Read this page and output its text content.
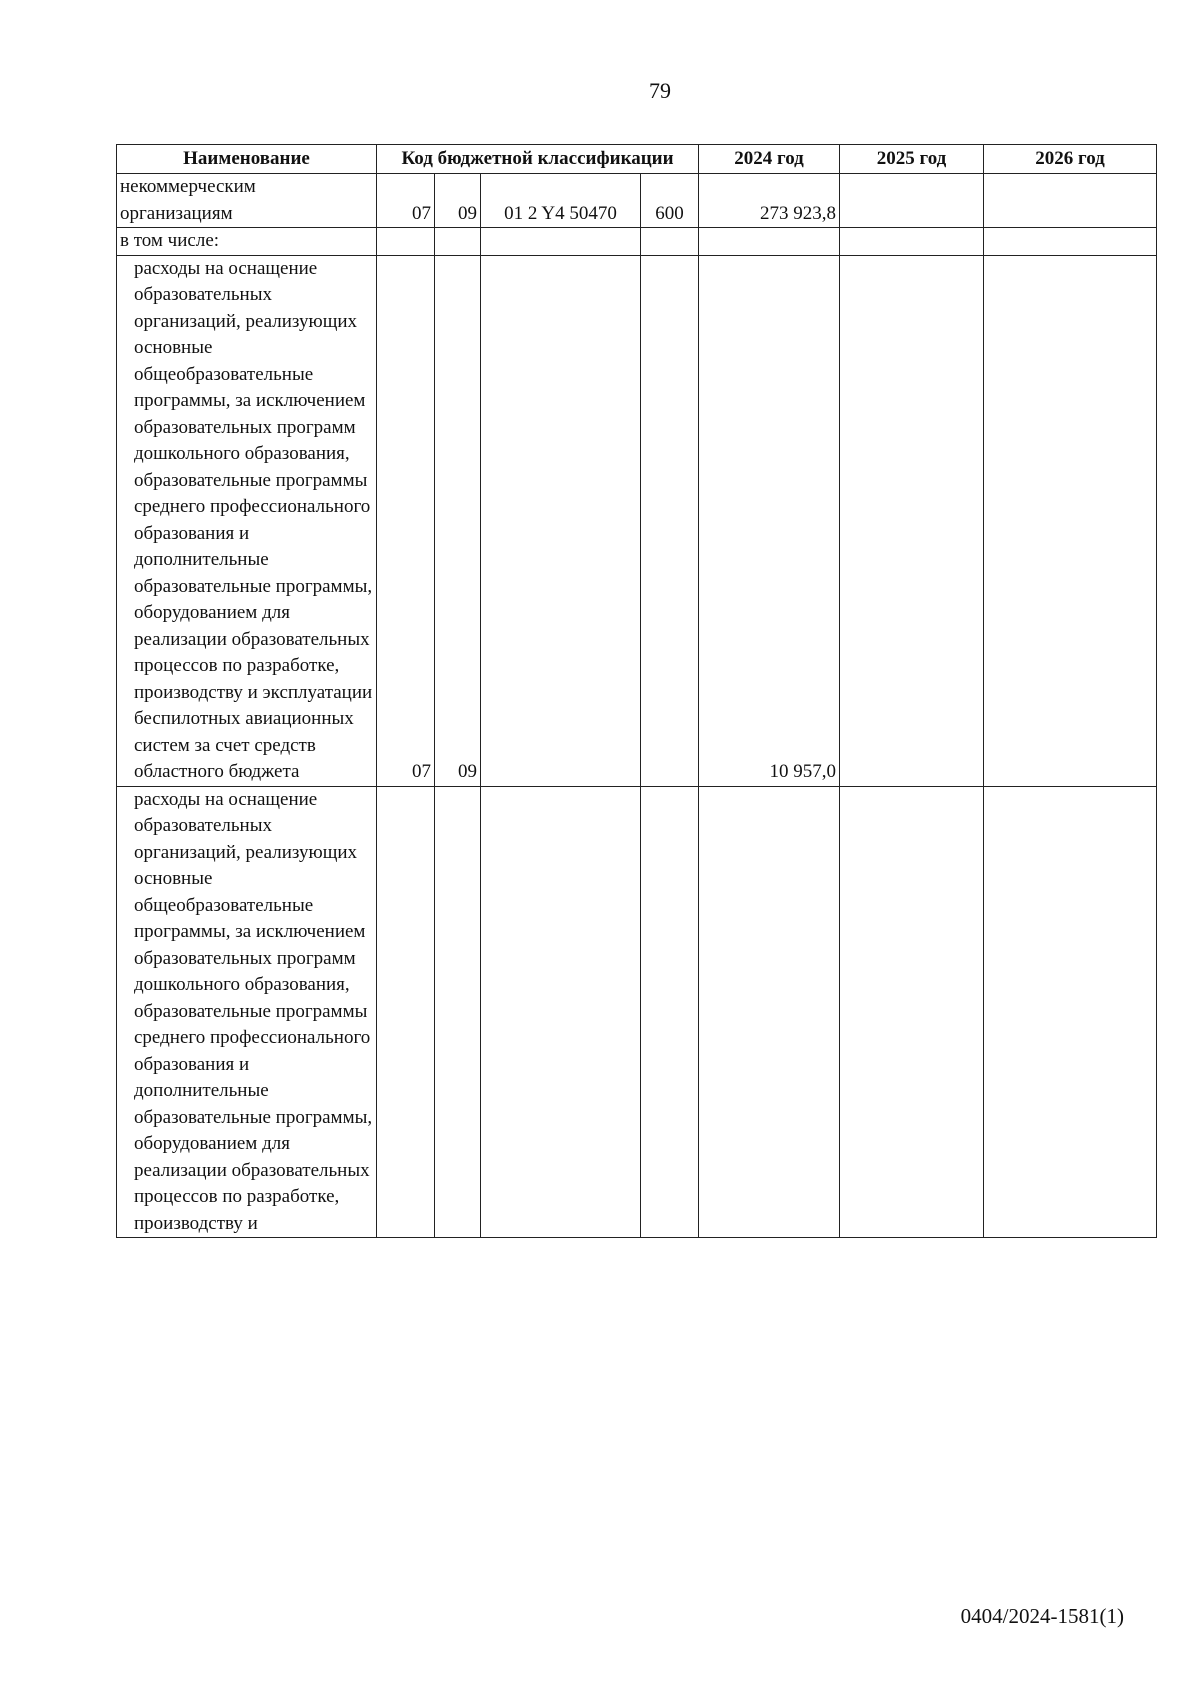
79
Наименование	Код бюджетной классификации				2024 год	2025 год	2026 год
некоммерческим организациям	07	09	01 2 Y4 50470	600	273 923,8		
в том числе:							
расходы на оснащение образовательных организаций, реализующих основные общеобразовательные программы, за исключением образовательных программ дошкольного образования, образовательные программы среднего профессионального образования и дополнительные образовательные программы, оборудованием для реализации образовательных процессов по разработке, производству и эксплуатации беспилотных авиационных систем за счет средств областного бюджета	07	09			10 957,0		
расходы на оснащение образовательных организаций, реализующих основные общеобразовательные программы, за исключением образовательных программ дошкольного образования, образовательные программы среднего профессионального образования и дополнительные образовательные программы, оборудованием для реализации образовательных процессов по разработке, производству и							
0404/2024-1581(1)
